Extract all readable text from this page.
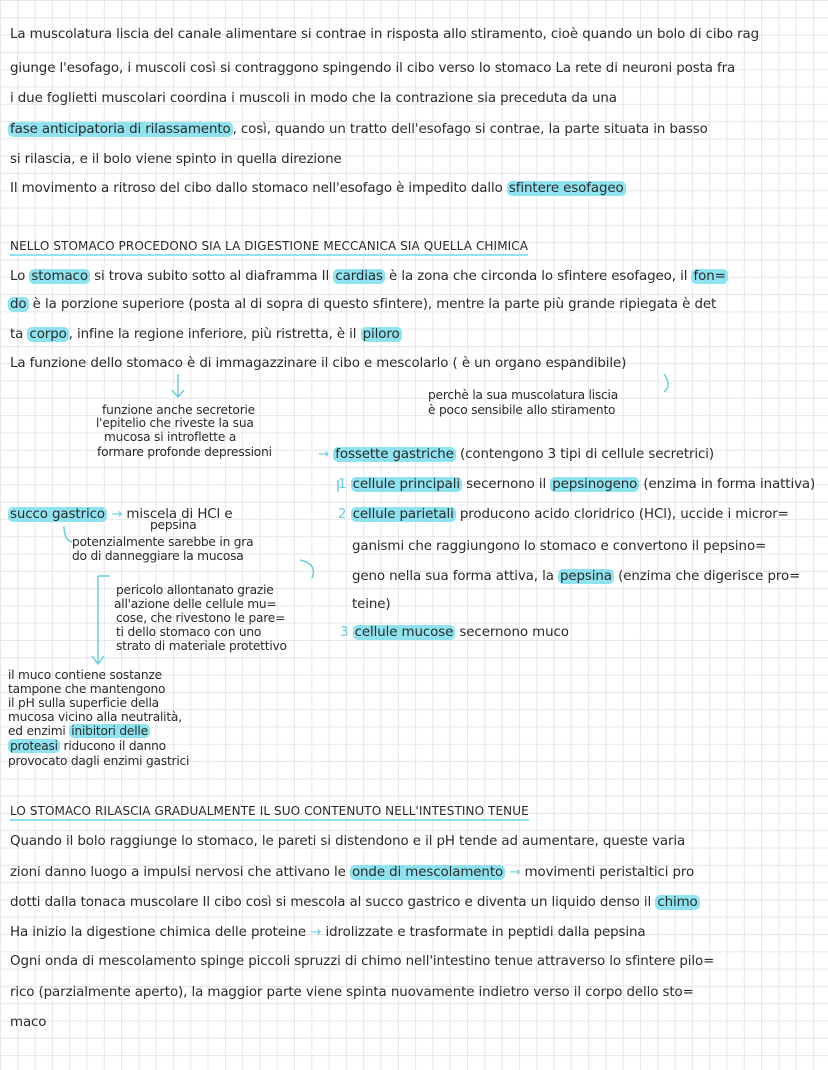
La muscolatura liscia del canale alimentare si contrae in risposta allo stiramento, cioè quando un bolo di cibo rag
giunge l'esofago, i muscoli così si contraggono spingendo il cibo verso lo stomaco La rete di neuroni posta fra
i due foglietti muscolari coordina i muscoli in modo che la contrazione sia preceduta da una
fase anticipatoria di rilassamento , così, quando un tratto dell'esofago si contrae, la parte situata in basso
si rilascia, e il bolo viene spinto in quella direzione
Il movimento a ritroso del cibo dallo stomaco nell'esofago è impedito dallo sfintere esofageo
NELLO STOMACO PROCEDONO SIA LA DIGESTIONE MECCANICA SIA QUELLA CHIMICA
Lo stomaco si trova subito sotto al diaframma Il cardias è la zona che circonda lo sfintere esofageo, il fon=
do è la porzione superiore (posta al di sopra di questo sfintere), mentre la parte più grande ripiegata è det
ta corpo , infine la regione inferiore, più ristretta, è il piloro
La funzione dello stomaco è di immagazzinare il cibo e mescolarlo ( è un organo espandibile)
perchè la sua muscolatura liscia
è poco sensibile allo stiramento
funzione anche secretorie
l'epitelio che riveste la sua
mucosa si introflette a
formare profonde depressioni	→ fossette gastriche (contengono 3 tipi di cellule secretrici)
1 cellule principali secernono il pepsinogeno (enzima in forma inattiva)
2 cellule parietali producono acido cloridrico (HCl), uccide i micror=
ganismi che raggiungono lo stomaco e convertono il pepsino=
geno nella sua forma attiva, la pepsina (enzima che digerisce pro=
teine)
3 cellule mucose secernono muco
succo gastrico → miscela di HCl e
pepsina
potenzialmente sarebbe in gra
do di danneggiare la mucosa
pericolo allontanato grazie
all'azione delle cellule mu=
cose, che rivestono le pare=
ti dello stomaco con uno
strato di materiale protettivo
il muco contiene sostanze
tampone che mantengono
il pH sulla superficie della
mucosa vicino alla neutralità,
ed enzimi inibitori delle
proteasi riducono il danno
provocato dagli enzimi gastrici
LO STOMACO RILASCIA GRADUALMENTE IL SUO CONTENUTO NELL'INTESTINO TENUE
Quando il bolo raggiunge lo stomaco, le pareti si distendono e il pH tende ad aumentare, queste varia
zioni danno luogo a impulsi nervosi che attivano le onde di mescolamento → movimenti peristaltici pro
dotti dalla tonaca muscolare Il cibo così si mescola al succo gastrico e diventa un liquido denso il chimo
Ha inizio la digestione chimica delle proteine → idrolizzate e trasformate in peptidi dalla pepsina
Ogni onda di mescolamento spinge piccoli spruzzi di chimo nell'intestino tenue attraverso lo sfintere pilo=
rico (parzialmente aperto), la maggior parte viene spinta nuovamente indietro verso il corpo dello sto=
maco
